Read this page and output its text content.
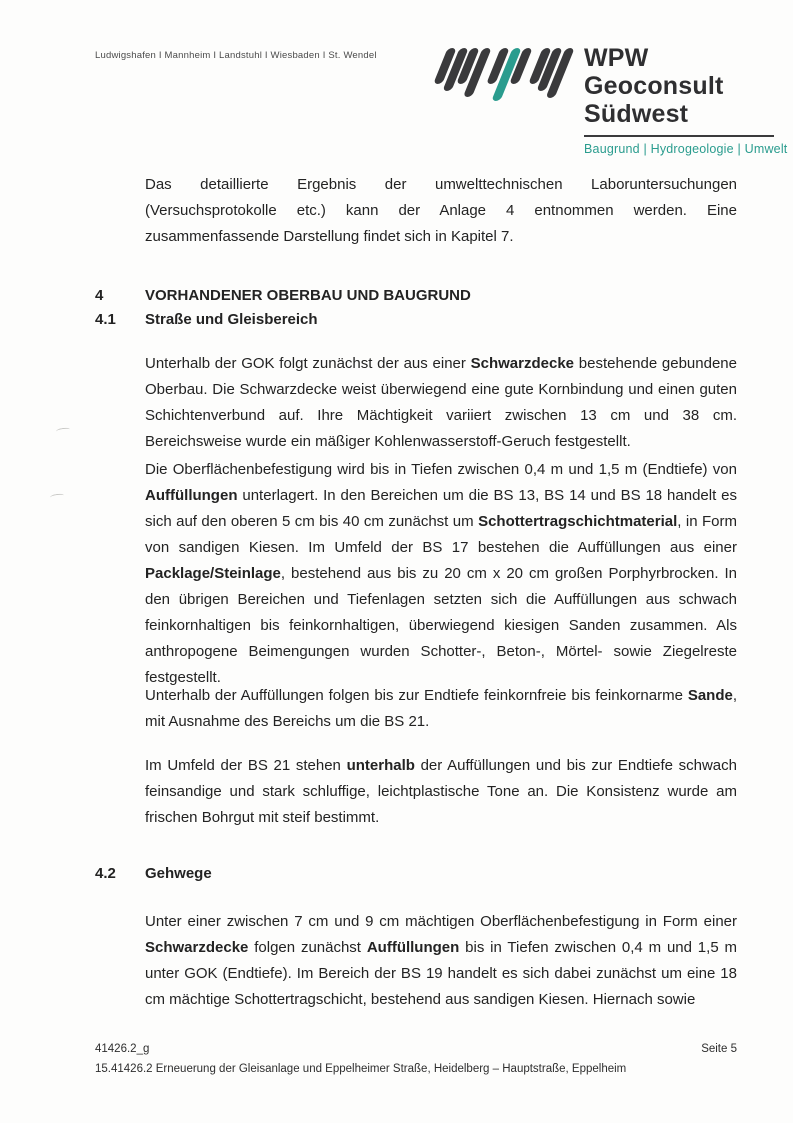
Ludwigshafen I Mannheim I Landstuhl I Wiesbaden I St. Wendel	WPW Geoconsult
Südwest
Baugrund | Hydrogeologie | Umwelt
Das detaillierte Ergebnis der umwelttechnischen Laboruntersuchungen (Versuchsprotokolle etc.) kann der Anlage 4 entnommen werden. Eine zusammenfassende Darstellung findet sich in Kapitel 7.
4	VORHANDENER OBERBAU UND BAUGRUND
4.1	Straße und Gleisbereich
Unterhalb der GOK folgt zunächst der aus einer Schwarzdecke bestehende gebundene Oberbau. Die Schwarzdecke weist überwiegend eine gute Kornbindung und einen guten Schichtenverbund auf. Ihre Mächtigkeit variiert zwischen 13 cm und 38 cm. Bereichsweise wurde ein mäßiger Kohlenwasserstoff-Geruch festgestellt.
Die Oberflächenbefestigung wird bis in Tiefen zwischen 0,4 m und 1,5 m (Endtiefe) von Auffüllungen unterlagert. In den Bereichen um die BS 13, BS 14 und BS 18 handelt es sich auf den oberen 5 cm bis 40 cm zunächst um Schottertragschichtmaterial, in Form von sandigen Kiesen. Im Umfeld der BS 17 bestehen die Auffüllungen aus einer Packlage/Steinlage, bestehend aus bis zu 20 cm x 20 cm großen Porphyrbrocken. In den übrigen Bereichen und Tiefenlagen setzten sich die Auffüllungen aus schwach feinkornhaltigen bis feinkornhaltigen, überwiegend kiesigen Sanden zusammen. Als anthropogene Beimengungen wurden Schotter-, Beton-, Mörtel- sowie Ziegelreste festgestellt.
Unterhalb der Auffüllungen folgen bis zur Endtiefe feinkornfreie bis feinkornarme Sande, mit Ausnahme des Bereichs um die BS 21.
Im Umfeld der BS 21 stehen unterhalb der Auffüllungen und bis zur Endtiefe schwach feinsandige und stark schluffige, leichtplastische Tone an. Die Konsistenz wurde am frischen Bohrgut mit steif bestimmt.
4.2	Gehwege
Unter einer zwischen 7 cm und 9 cm mächtigen Oberflächenbefestigung in Form einer Schwarzdecke folgen zunächst Auffüllungen bis in Tiefen zwischen 0,4 m und 1,5 m unter GOK (Endtiefe). Im Bereich der BS 19 handelt es sich dabei zunächst um eine 18 cm mächtige Schottertragschicht, bestehend aus sandigen Kiesen. Hiernach sowie
41426.2_g	Seite 5
15.41426.2 Erneuerung der Gleisanlage und Eppelheimer Straße, Heidelberg – Hauptstraße, Eppelheim
